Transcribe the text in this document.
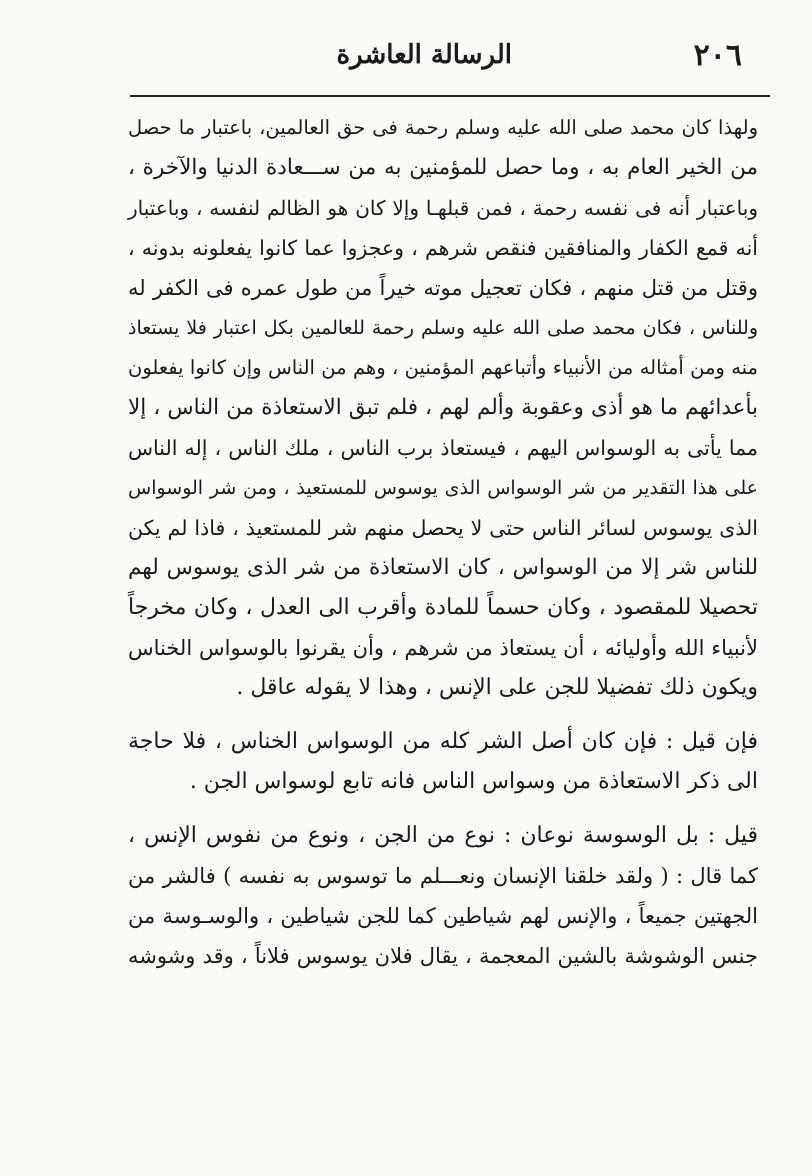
٢٠٦
الرسالة العاشرة
ولهذا كان محمد صلى الله عليه وسلم رحمة فى حق العالمين، باعتبار ما حصل
من الخير العام به ، وما حصل للمؤمنين به من ســـعادة الدنيا والآخرة ،
وباعتبار أنه فى نفسه رحمة ، فمن قبلهـا وإلا كان هو الظالم لنفسه ، وباعتبار
أنه قمع الكفار والمنافقين فنقص شرهم ، وعجزوا عما كانوا يفعلونه بدونه ،
وقتل من قتل منهم ، فكان تعجيل موته خيراً من طول عمره فى الكفر له
وللناس ، فكان محمد صلى الله عليه وسلم رحمة للعالمين بكل اعتبار فلا يستعاذ
منه ومن أمثاله من الأنبياء وأتباعهم المؤمنين ، وهم من الناس وإن كانوا يفعلون
بأعدائهم ما هو أذى وعقوبة وألم لهم ، فلم تبق الاستعاذة من الناس ، إلا
مما يأتى به الوسواس اليهم ، فيستعاذ برب الناس ، ملك الناس ، إله الناس
على هذا التقدير من شر الوسواس الذى يوسوس للمستعيذ ، ومن شر الوسواس
الذى يوسوس لسائر الناس حتى لا يحصل منهم شر للمستعيذ ، فاذا لم يكن
للناس شر إلا من الوسواس ، كان الاستعاذة من شر الذى يوسوس لهم
تحصيلا للمقصود ، وكان حسماً للمادة وأقرب الى العدل ، وكان مخرجاً
لأنبياء الله وأوليائه ، أن يستعاذ من شرهم ، وأن يقرنوا بالوسواس الخناس
ويكون ذلك تفضيلا للجن على الإنس ، وهذا لا يقوله عاقل .
فإن قيل : فإن كان أصل الشر كله من الوسواس الخناس ، فلا حاجة
الى ذكر الاستعاذة من وسواس الناس فانه تابع لوسواس الجن .
قيل : بل الوسوسة نوعان : نوع من الجن ، ونوع من نفوس الإنس ،
كما قال : ( ولقد خلقنا الإنسان ونعـــلم ما توسوس به نفسه ) فالشر من
الجهتين جميعاً ، والإنس لهم شياطين كما للجن شياطين ، والوسـوسة من
جنس الوشوشة بالشين المعجمة ، يقال فلان يوسوس فلاناً ، وقد وشوشه
